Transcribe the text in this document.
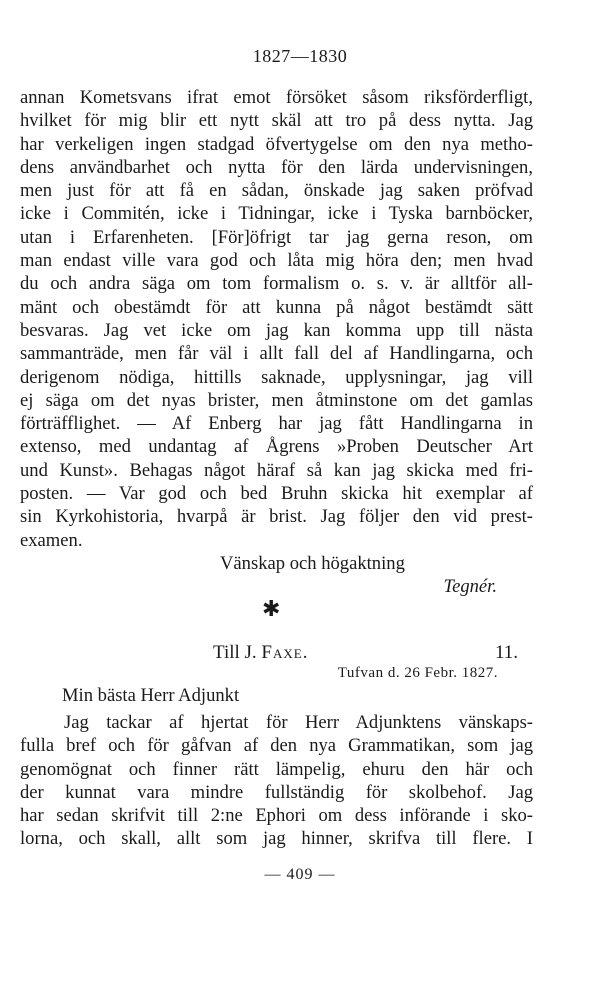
1827—1830
annan Kometsvans ifrat emot försöket såsom riksförderfligt,
hvilket för mig blir ett nytt skäl att tro på dess nytta. Jag
har verkeligen ingen stadgad öfvertygelse om den nya metho-
dens användbarhet och nytta för den lärda undervisningen,
men just för att få en sådan, önskade jag saken pröfvad
icke i Commitén, icke i Tidningar, icke i Tyska barnböcker,
utan i Erfarenheten. [För]öfrigt tar jag gerna reson, om
man endast ville vara god och låta mig höra den; men hvad
du och andra säga om tom formalism o. s. v. är alltför all-
mänt och obestämdt för att kunna på något bestämdt sätt
besvaras. Jag vet icke om jag kan komma upp till nästa
sammanträde, men får väl i allt fall del af Handlingarna, och
derigenom nödiga, hittills saknade, upplysningar, jag vill
ej säga om det nyas brister, men åtminstone om det gamlas
förträfflighet. — Af Enberg har jag fått Handlingarna in
extenso, med undantag af Ågrens »Proben Deutscher Art
und Kunst». Behagas något häraf så kan jag skicka med fri-
posten. — Var god och bed Bruhn skicka hit exemplar af
sin Kyrkohistoria, hvarpå är brist. Jag följer den vid prest-
examen.
Vänskap och högaktning
Tegnér.
✱
Till J. Faxe.	11.
Tufvan d. 26 Febr. 1827.
Min bästa Herr Adjunkt
Jag tackar af hjertat för Herr Adjunktens vänskaps-
fulla bref och för gåfvan af den nya Grammatikan, som jag
genomögnat och finner rätt lämpelig, ehuru den här och
der kunnat vara mindre fullständig för skolbehof. Jag
har sedan skrifvit till 2:ne Ephori om dess införande i sko-
lorna, och skall, allt som jag hinner, skrifva till flere. I
— 409 —
